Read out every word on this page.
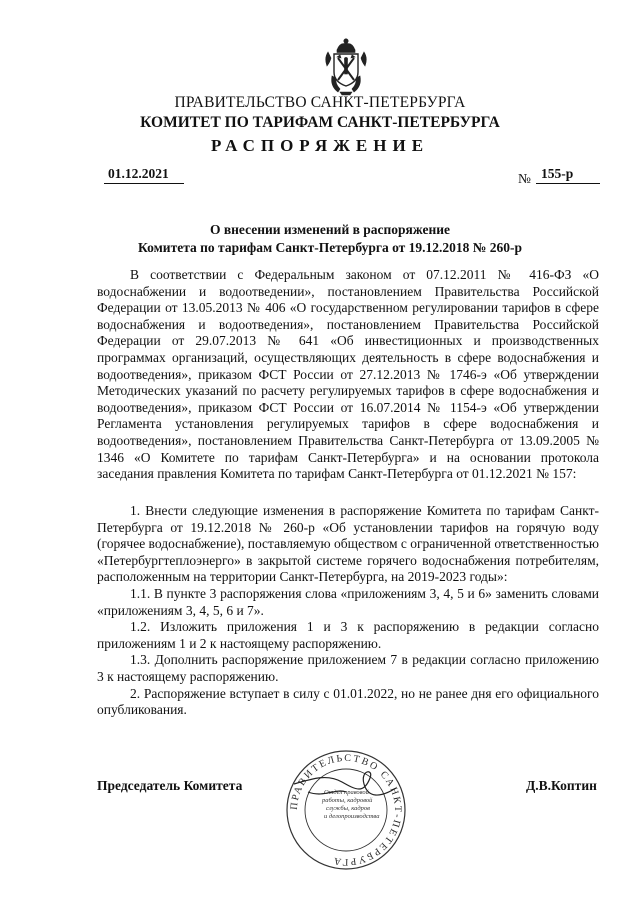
ПРАВИТЕЛЬСТВО САНКТ-ПЕТЕРБУРГА
КОМИТЕТ ПО ТАРИФАМ САНКТ-ПЕТЕРБУРГА
РАСПОРЯЖЕНИЕ
01.12.2021	№ 155-р
О внесении изменений в распоряжение
Комитета по тарифам Санкт-Петербурга от 19.12.2018 № 260-р

В соответствии с Федеральным законом от 07.12.2011 № 416-ФЗ «О водоснабжении и водоотведении», постановлением Правительства Российской Федерации от 13.05.2013 № 406 «О государственном регулировании тарифов в сфере водоснабжения и водоотведения», постановлением Правительства Российской Федерации от 29.07.2013 № 641 «Об инвестиционных и производственных программах организаций, осуществляющих деятельность в сфере водоснабжения и водоотведения», приказом ФСТ России от 27.12.2013 № 1746-э «Об утверждении Методических указаний по расчету регулируемых тарифов в сфере водоснабжения и водоотведения», приказом ФСТ России от 16.07.2014 № 1154-э «Об утверждении Регламента установления регулируемых тарифов в сфере водоснабжения и водоотведения», постановлением Правительства Санкт-Петербурга от 13.09.2005 № 1346 «О Комитете по тарифам Санкт-Петербурга» и на основании протокола заседания правления Комитета по тарифам Санкт-Петербурга от 01.12.2021 № 157:

1. Внести следующие изменения в распоряжение Комитета по тарифам Санкт-Петербурга от 19.12.2018 № 260-р «Об установлении тарифов на горячую воду (горячее водоснабжение), поставляемую обществом с ограниченной ответственностью «Петербургтеплоэнерго» в закрытой системе горячего водоснабжения потребителям, расположенным на территории Санкт-Петербурга, на 2019-2023 годы»:

1.1. В пункте 3 распоряжения слова «приложениям 3, 4, 5 и 6» заменить словами «приложениям 3, 4, 5, 6 и 7».

1.2. Изложить приложения 1 и 3 к распоряжению в редакции согласно приложениям 1 и 2 к настоящему распоряжению.

1.3. Дополнить распоряжение приложением 7 в редакции согласно приложению 3 к настоящему распоряжению.

2. Распоряжение вступает в силу с 01.01.2022, но не ранее дня его официального опубликования.

Председатель Комитета	Д.В.Коптин
ПРАВИТЕЛЬСТВО САНКТ-ПЕТЕРБУРГА
Отдел правовой
работы, кадровой
службы, кадров
и делопроизводства
